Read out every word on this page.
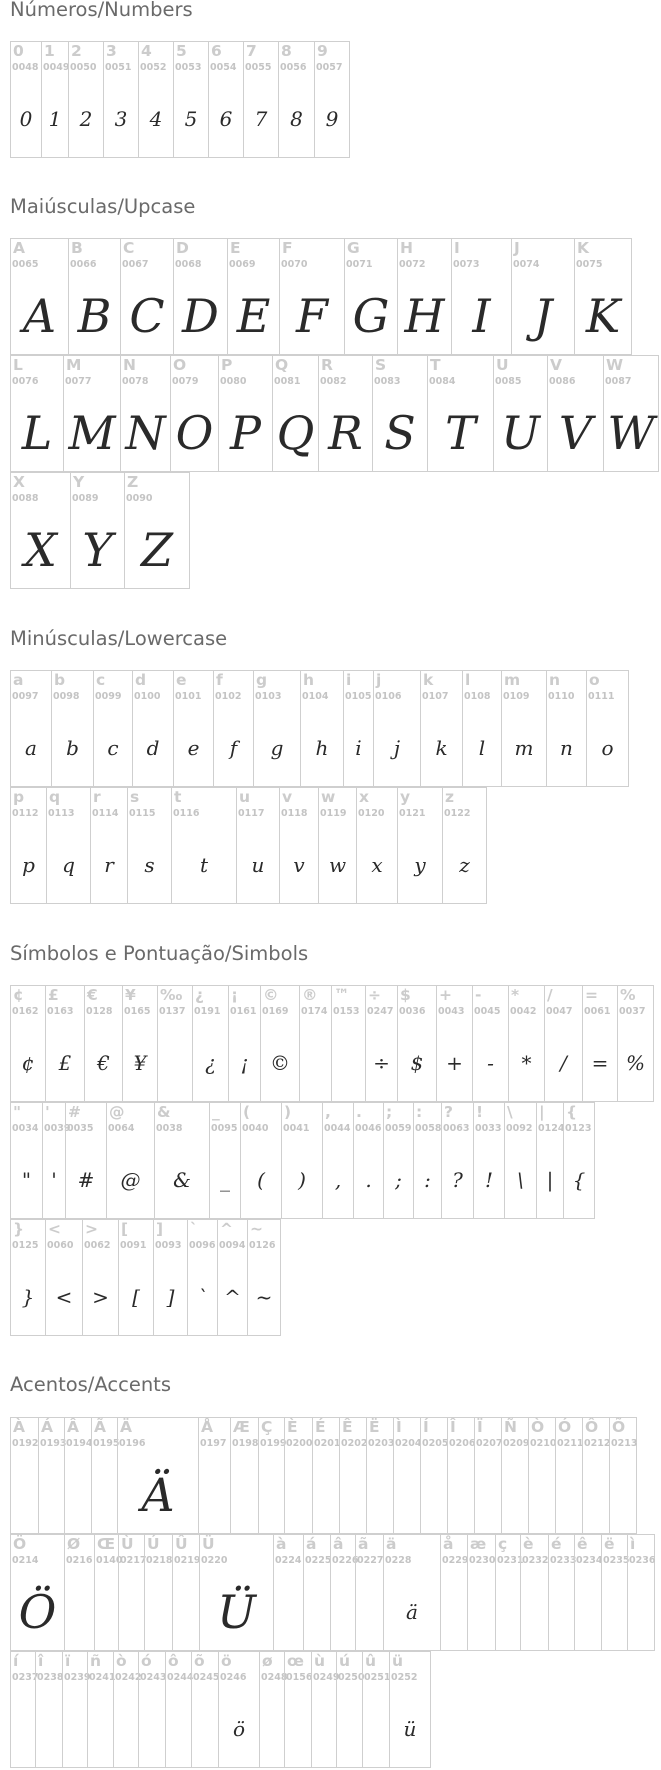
Números/Numbers
Maiúsculas/Upcase
Minúsculas/Lowercase
Símbolos e Pontuação/Simbols
Acentos/Accents
0
0048
0
1
0049
1
2
0050
2
3
0051
3
4
0052
4
5
0053
5
6
0054
6
7
0055
7
8
0056
8
9
0057
9
A
0065
A
B
0066
B
C
0067
C
D
0068
D
E
0069
E
F
0070
F
G
0071
G
H
0072
H
I
0073
I
J
0074
J
K
0075
K
L
0076
L
M
0077
M
N
0078
N
O
0079
O
P
0080
P
Q
0081
Q
R
0082
R
S
0083
S
T
0084
T
U
0085
U
V
0086
V
W
0087
W
X
0088
X
Y
0089
Y
Z
0090
Z
a
0097
a
b
0098
b
c
0099
c
d
0100
d
e
0101
e
f
0102
f
g
0103
g
h
0104
h
i
0105
i
j
0106
j
k
0107
k
l
0108
l
m
0109
m
n
0110
n
o
0111
o
p
0112
p
q
0113
q
r
0114
r
s
0115
s
t
0116
t
u
0117
u
v
0118
v
w
0119
w
x
0120
x
y
0121
y
z
0122
z
¢
0162
¢
£
0163
£
€
0128
€
¥
0165
¥
‰
0137
¿
0191
¿
¡
0161
¡
©
0169
©
®
0174
™
0153
÷
0247
÷
$
0036
$
+
0043
+
-
0045
-
*
0042
*
/
0047
/
=
0061
=
%
0037
%
"
0034
"
'
0039
'
#
0035
#
@
0064
@
&
0038
&
_
0095
_
(
0040
(
)
0041
)
,
0044
,
.
0046
.
;
0059
;
:
0058
:
?
0063
?
!
0033
!
\
0092
\
|
0124
|
{
0123
{
}
0125
}
<
0060
<
>
0062
>
[
0091
[
]
0093
]
`
0096
`
^
0094
^
~
0126
~
À
0192
Á
0193
Â
0194
Ã
0195
Ä
0196
Ä
Å
0197
Æ
0198
Ç
0199
È
0200
É
0201
Ê
0202
Ë
0203
Ì
0204
Í
0205
Î
0206
Ï
0207
Ñ
0209
Ò
0210
Ó
0211
Ô
0212
Õ
0213
Ö
0214
Ö
Ø
0216
Œ
0140
Ù
0217
Ú
0218
Û
0219
Ü
0220
Ü
à
0224
á
0225
â
0226
ã
0227
ä
0228
ä
å
0229
æ
0230
ç
0231
è
0232
é
0233
ê
0234
ë
0235
ì
0236
í
0237
î
0238
ï
0239
ñ
0241
ò
0242
ó
0243
ô
0244
õ
0245
ö
0246
ö
ø
0248
œ
0156
ù
0249
ú
0250
û
0251
ü
0252
ü
